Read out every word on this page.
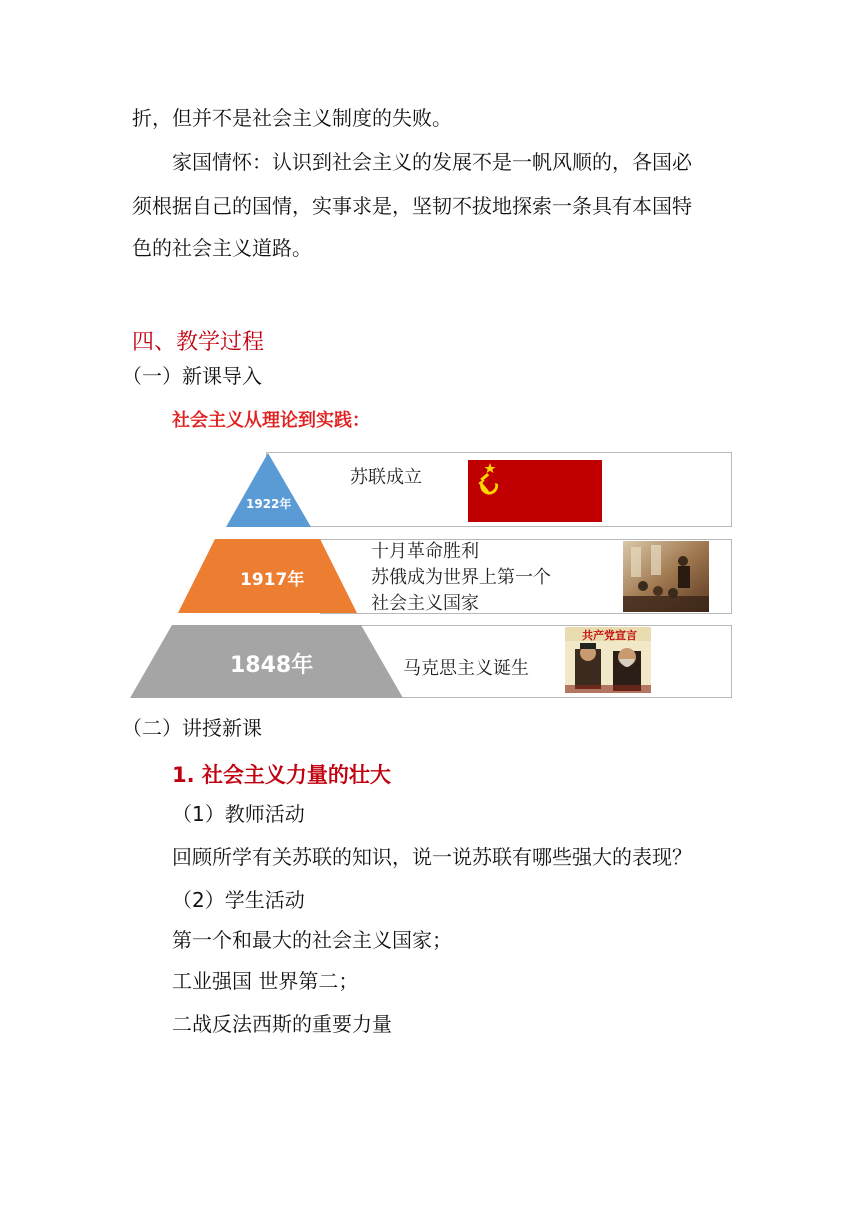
折，但并不是社会主义制度的失败。
家国情怀：认识到社会主义的发展不是一帆风顺的，各国必
须根据自己的国情，实事求是，坚韧不拔地探索一条具有本国特
色的社会主义道路。
四、教学过程
（一）新课导入
社会主义从理论到实践：
1922年
1917年
1848年
苏联成立
十月革命胜利
苏俄成为世界上第一个
社会主义国家
马克思主义诞生
共产党宣言
（二）讲授新课
1. 社会主义力量的壮大
（1）教师活动
回顾所学有关苏联的知识，说一说苏联有哪些强大的表现？
（2）学生活动
第一个和最大的社会主义国家；
工业强国 世界第二；
二战反法西斯的重要力量
